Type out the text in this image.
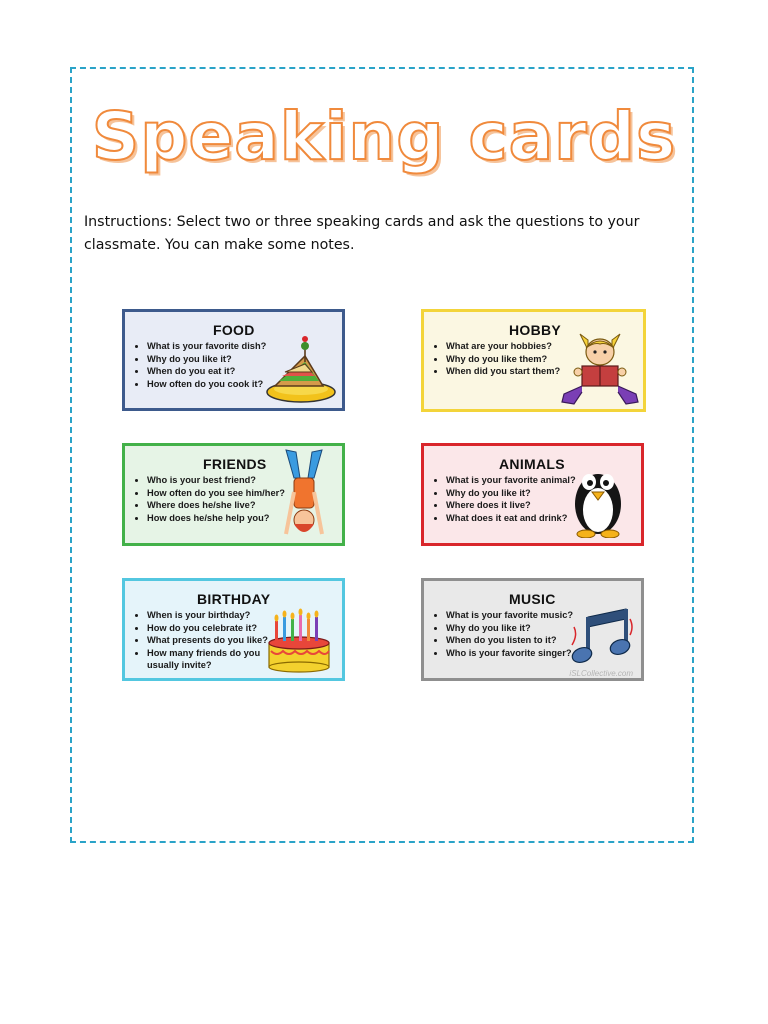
Speaking cards
Instructions: Select two or three speaking cards and ask the questions to your classmate. You can make some notes.
FOOD
• What is your favorite dish?
• Why do you like it?
• When do you eat it?
• How often do you cook it?
HOBBY
• What are your hobbies?
• Why do you like them?
• When did you start them?
FRIENDS
• Who is your best friend?
• How often do you see him/her?
• Where does he/she live?
• How does he/she help you?
ANIMALS
• What is your favorite animal?
• Why do you like it?
• Where does it live?
• What does it eat and drink?
BIRTHDAY
• When is your birthday?
• How do you celebrate it?
• What presents do you like?
• How many friends do you usually invite?
MUSIC
• What is your favorite music?
• Why do you like it?
• When do you listen to it?
• Who is your favorite singer?
iSLCollective.com
